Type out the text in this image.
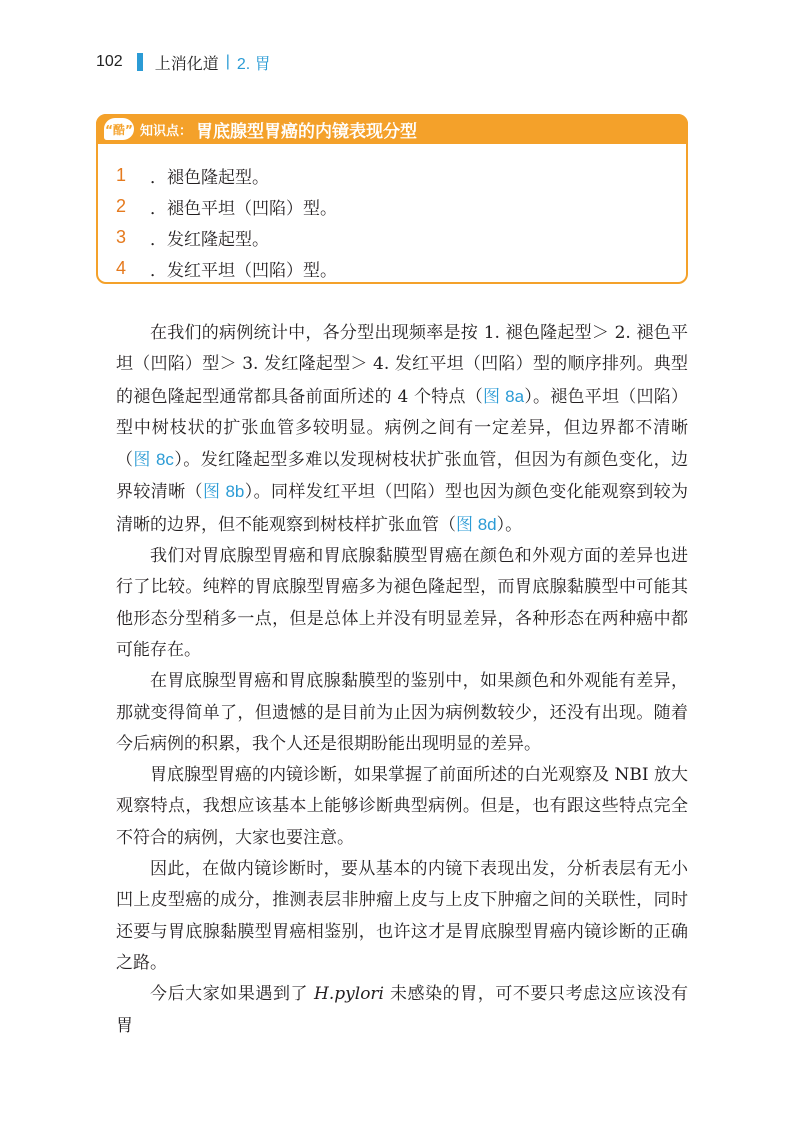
102 上消化道 | 2. 胃
“酷” 知识点： 胃底腺型胃癌的内镜表现分型
1	．褪色隆起型。
2	．褪色平坦（凹陷）型。
3	．发红隆起型。
4	．发红平坦（凹陷）型。
在我们的病例统计中，各分型出现频率是按 1. 褪色隆起型＞ 2. 褪色平坦（凹陷）型＞ 3. 发红隆起型＞ 4. 发红平坦（凹陷）型的顺序排列。典型的褪色隆起型通常都具备前面所述的 4 个特点（图 8a）。褪色平坦（凹陷）型中树枝状的扩张血管多较明显。病例之间有一定差异，但边界都不清晰（图 8c）。发红隆起型多难以发现树枝状扩张血管，但因为有颜色变化，边界较清晰（图 8b）。同样发红平坦（凹陷）型也因为颜色变化能观察到较为清晰的边界，但不能观察到树枝样扩张血管（图 8d）。
我们对胃底腺型胃癌和胃底腺黏膜型胃癌在颜色和外观方面的差异也进行了比较。纯粹的胃底腺型胃癌多为褪色隆起型，而胃底腺黏膜型中可能其他形态分型稍多一点，但是总体上并没有明显差异，各种形态在两种癌中都可能存在。
在胃底腺型胃癌和胃底腺黏膜型的鉴别中，如果颜色和外观能有差异，那就变得简单了，但遗憾的是目前为止因为病例数较少，还没有出现。随着今后病例的积累，我个人还是很期盼能出现明显的差异。
胃底腺型胃癌的内镜诊断，如果掌握了前面所述的白光观察及 NBI 放大观察特点，我想应该基本上能够诊断典型病例。但是，也有跟这些特点完全不符合的病例，大家也要注意。
因此，在做内镜诊断时，要从基本的内镜下表现出发，分析表层有无小凹上皮型癌的成分，推测表层非肿瘤上皮与上皮下肿瘤之间的关联性，同时还要与胃底腺黏膜型胃癌相鉴别，也许这才是胃底腺型胃癌内镜诊断的正确之路。
今后大家如果遇到了 H.pylori 未感染的胃，可不要只考虑这应该没有胃
